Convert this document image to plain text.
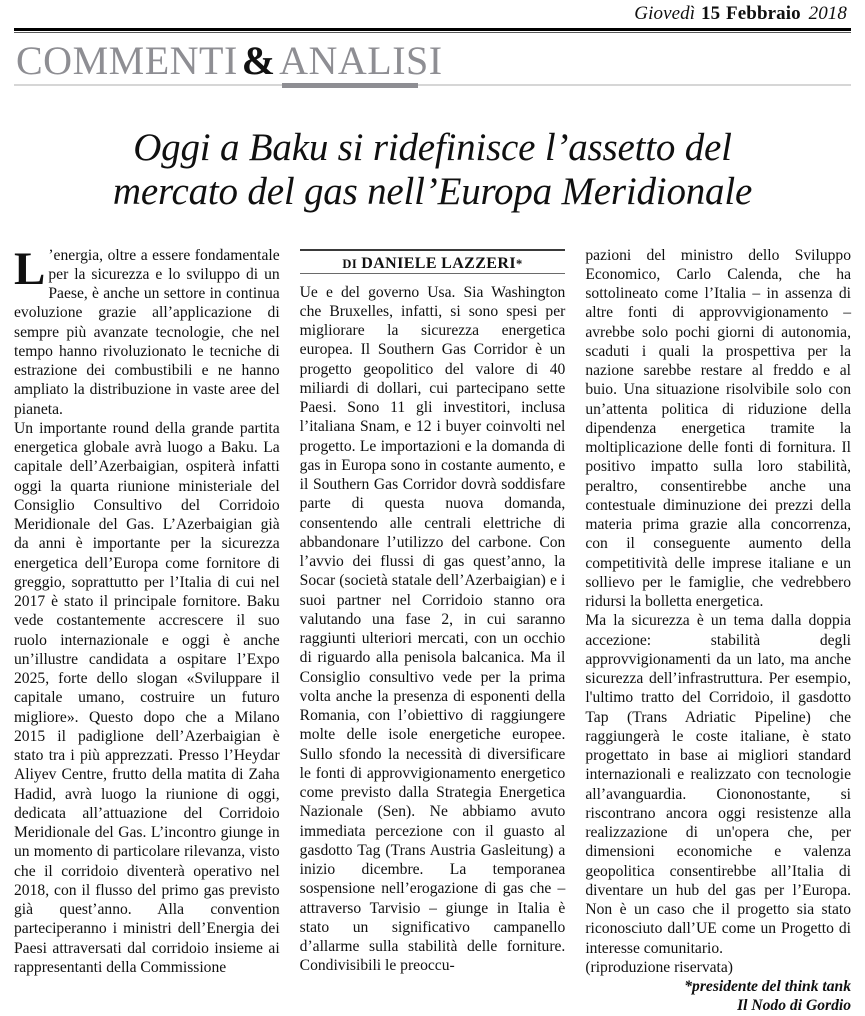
Giovedì 15 Febbraio 2018
COMMENTI & ANALISI
Oggi a Baku si ridefinisce l’assetto del
mercato del gas nell’Europa Meridionale

L ’energia, oltre a essere fondamentale per la sicurezza e lo sviluppo di un Paese, è anche un settore in continua evoluzione grazie all’applicazione di sempre più avanzate tecnologie, che nel tempo hanno rivoluzionato le tecniche di estrazione dei combustibili e ne hanno ampliato la distribuzione in vaste aree del pianeta.

Un importante round della grande partita energetica globale avrà luogo a Baku. La capitale dell’Azerbaigian, ospiterà infatti oggi la quarta riunione ministeriale del Consiglio Consultivo del Corridoio Meridionale del Gas. L’Azerbaigian già da anni è importante per la sicurezza energetica dell’Europa come fornitore di greggio, soprattutto per l’Italia di cui nel 2017 è stato il principale fornitore. Baku vede costantemente accrescere il suo ruolo internazionale e oggi è anche un’illustre candidata a ospitare l’Expo 2025, forte dello slogan «Sviluppare il capitale umano, costruire un futuro migliore». Questo dopo che a Milano 2015 il padiglione dell’Azerbaigian è stato tra i più apprezzati. Presso l’Heydar Aliyev Centre, frutto della matita di Zaha Hadid, avrà luogo la riunione di oggi, dedicata all’attuazione del Corridoio Meridionale del Gas. L’incontro giunge in un momento di particolare rilevanza, visto che il corridoio diventerà operativo nel 2018, con il flusso del primo gas previsto già quest’anno. Alla convention parteciperanno i ministri dell’Energia dei Paesi attraversati dal corridoio insieme ai rappresentanti della Commissione

DI DANIELE LAZZERI*

Ue e del governo Usa. Sia Washington che Bruxelles, infatti, si sono spesi per migliorare la sicurezza energetica europea. Il Southern Gas Corridor è un progetto geopolitico del valore di 40 miliardi di dollari, cui partecipano sette Paesi. Sono 11 gli investitori, inclusa l’italiana Snam, e 12 i buyer coinvolti nel progetto. Le importazioni e la domanda di gas in Europa sono in costante aumento, e il Southern Gas Corridor dovrà soddisfare parte di questa nuova domanda, consentendo alle centrali elettriche di abbandonare l’utilizzo del carbone. Con l’avvio dei flussi di gas quest’anno, la Socar (società statale dell’Azerbaigian) e i suoi partner nel Corridoio stanno ora valutando una fase 2, in cui saranno raggiunti ulteriori mercati, con un occhio di riguardo alla penisola balcanica. Ma il Consiglio consultivo vede per la prima volta anche la presenza di esponenti della Romania, con l’obiettivo di raggiungere molte delle isole energetiche europee. Sullo sfondo la necessità di diversificare le fonti di approvvigionamento energetico come previsto dalla Strategia Energetica Nazionale (Sen). Ne abbiamo avuto immediata percezione con il guasto al gasdotto Tag (Trans Austria Gasleitung) a inizio dicembre. La temporanea sospensione nell’erogazione di gas che – attraverso Tarvisio – giunge in Italia è stato un significativo campanello d’allarme sulla stabilità delle forniture. Condivisibili le preoccu-

pazioni del ministro dello Sviluppo Economico, Carlo Calenda, che ha sottolineato come l’Italia – in assenza di altre fonti di approvvigionamento – avrebbe solo pochi giorni di autonomia, scaduti i quali la prospettiva per la nazione sarebbe restare al freddo e al buio. Una situazione risolvibile solo con un’attenta politica di riduzione della dipendenza energetica tramite la moltiplicazione delle fonti di fornitura. Il positivo impatto sulla loro stabilità, peraltro, consentirebbe anche una contestuale diminuzione dei prezzi della materia prima grazie alla concorrenza, con il conseguente aumento della competitività delle imprese italiane e un sollievo per le famiglie, che vedrebbero ridursi la bolletta energetica.

Ma la sicurezza è un tema dalla doppia accezione: stabilità degli approvvigionamenti da un lato, ma anche sicurezza dell’infrastruttura. Per esempio, l'ultimo tratto del Corridoio, il gasdotto Tap (Trans Adriatic Pipeline) che raggiungerà le coste italiane, è stato progettato in base ai migliori standard internazionali e realizzato con tecnologie all’avanguardia. Ciononostante, si riscontrano ancora oggi resistenze alla realizzazione di un'opera che, per dimensioni economiche e valenza geopolitica consentirebbe all’Italia di diventare un hub del gas per l’Europa. Non è un caso che il progetto sia stato riconosciuto dall’UE come un Progetto di interesse comunitario.

(riproduzione riservata)

*presidente del think tank
Il Nodo di Gordio
